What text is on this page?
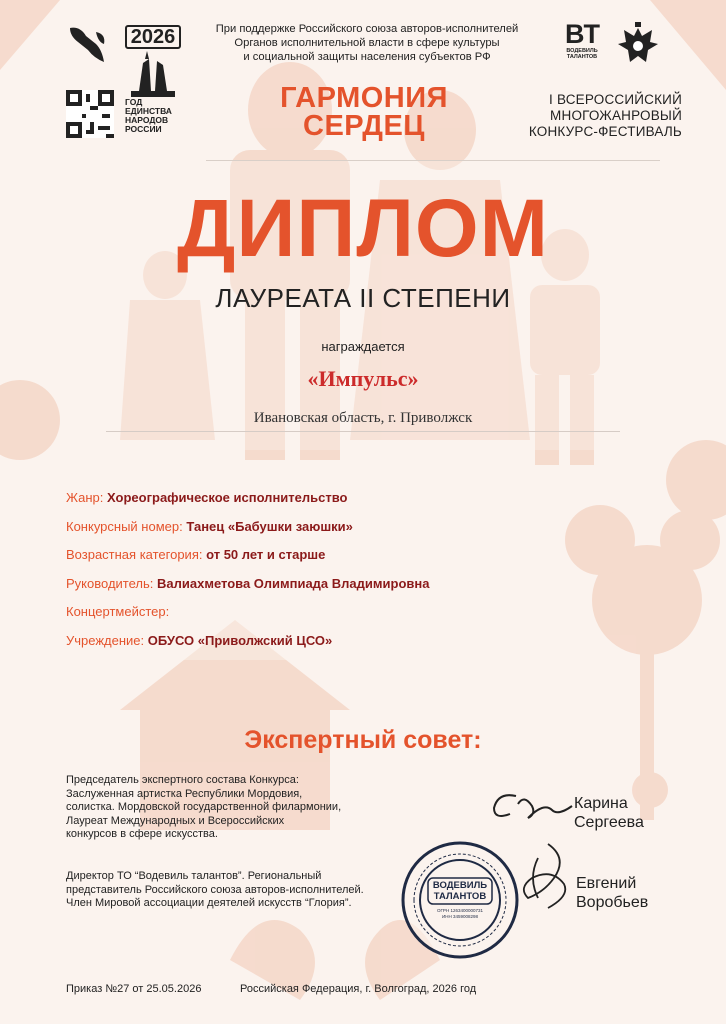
2026
ГОД
ЕДИНСТВА
НАРОДОВ
РОССИИ
При поддержке Российского союза авторов-исполнителей
Органов исполнительной власти в сфере культуры
и социальной защиты населения субъектов РФ
BT
ВОДЕВИЛЬ
ТАЛАНТОВ
ГАРМОНИЯ
СЕРДЕЦ
I ВСЕРОССИЙСКИЙ
МНОГОЖАНРОВЫЙ
КОНКУРС-ФЕСТИВАЛЬ
ДИПЛОМ
ЛАУРЕАТА II СТЕПЕНИ
награждается
«Импульс»
Ивановская область, г. Приволжск
Жанр: Хореографическое исполнительство
Конкурсный номер: Танец «Бабушки заюшки»
Возрастная категория: от 50 лет и старше
Руководитель: Валиахметова Олимпиада Владимировна
Концертмейстер:
Учреждение: ОБУСО «Приволжский ЦСО»
Экспертный совет:
Председатель экспертного состава Конкурса:
Заслуженная артистка Республики Мордовия,
солистка. Мордовской государственной филармонии,
Лауреат Международных и Всероссийских
конкурсов в сфере искусства.
Карина
Сергеева
Директор ТО “Водевиль талантов”. Региональный
представитель Российского союза авторов-исполнителей.
Член Мировой ассоциации деятелей искусств “Глория”.
ВОДЕВИЛЬ
ТАЛАНТОВ
ОГРН 1263400000731
ИНН 3459008298
Евгений
Воробьев
Приказ №27 от 25.05.2026	Российская Федерация, г. Волгоград, 2026 год
